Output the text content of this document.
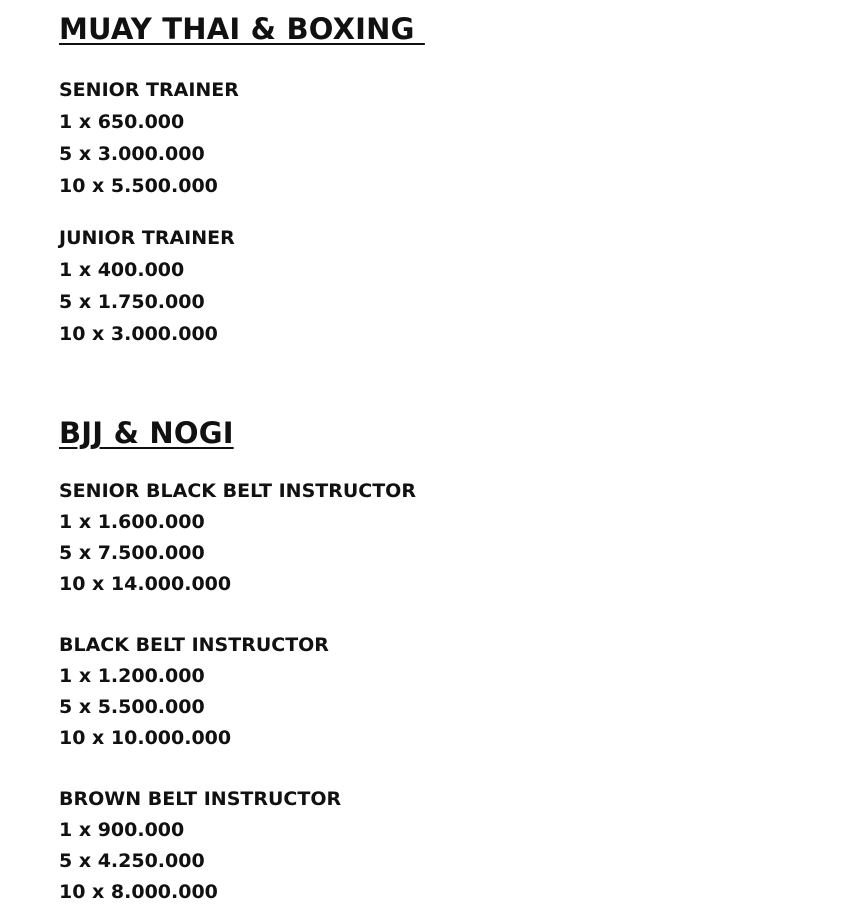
MUAY THAI & BOXING
SENIOR TRAINER
1 x 650.000
5 x 3.000.000
10 x 5.500.000
JUNIOR TRAINER
1 x 400.000
5 x 1.750.000
10 x 3.000.000
BJJ & NOGI
SENIOR BLACK BELT INSTRUCTOR
1 x 1.600.000
5 x 7.500.000
10 x 14.000.000
BLACK BELT INSTRUCTOR
1 x 1.200.000
5 x 5.500.000
10 x 10.000.000
BROWN BELT INSTRUCTOR
1 x 900.000
5 x 4.250.000
10 x 8.000.000
